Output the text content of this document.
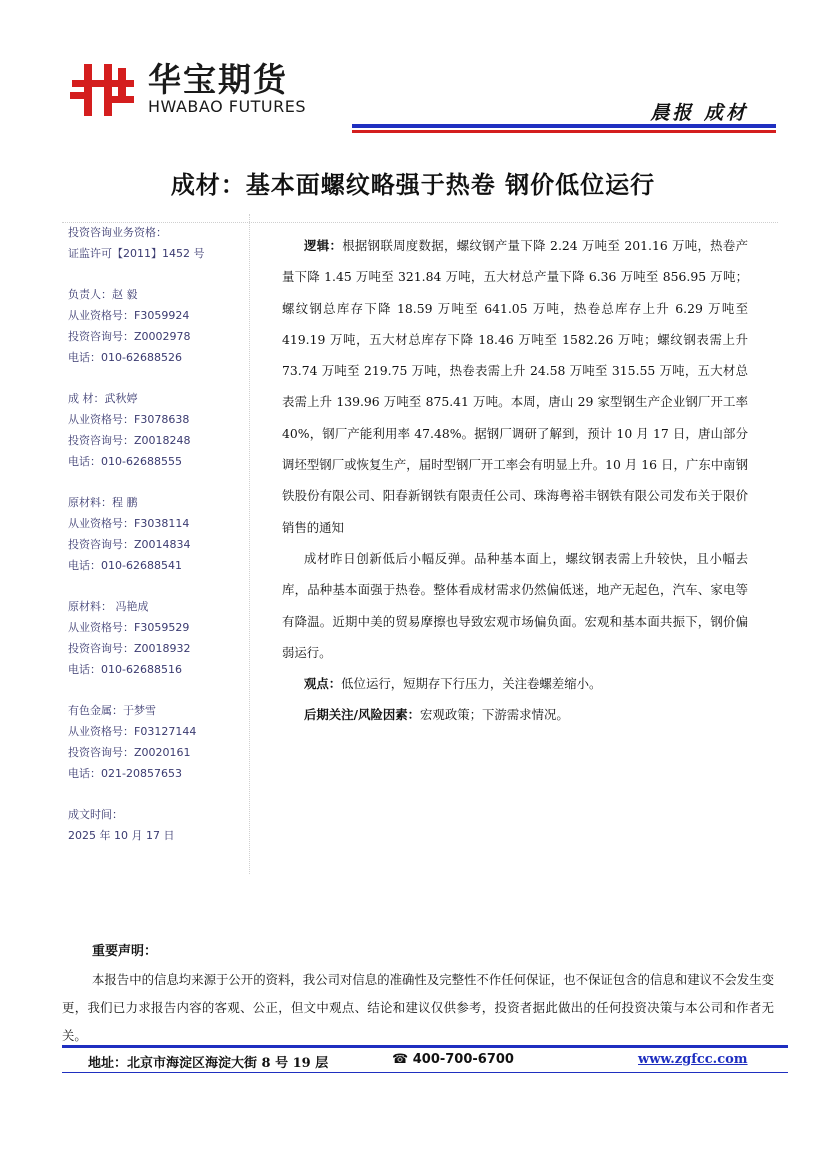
华宝期货
HWABAO FUTURES	晨报 成材
成材：基本面螺纹略强于热卷 钢价低位运行
投资咨询业务资格：
证监许可【2011】1452 号
负责人：赵 毅
从业资格号：F3059924
投资咨询号：Z0002978
电话：010-62688526
成 材：武秋婷
从业资格号：F3078638
投资咨询号：Z0018248
电话：010-62688555
原材料：程 鹏
从业资格号：F3038114
投资咨询号：Z0014834
电话：010-62688541
原材料： 冯艳成
从业资格号：F3059529
投资咨询号：Z0018932
电话：010-62688516
有色金属：于梦雪
从业资格号：F03127144
投资咨询号：Z0020161
电话：021-20857653
成文时间：
2025 年 10 月 17 日

逻辑：根据钢联周度数据，螺纹钢产量下降 2.24 万吨至 201.16 万吨，热卷产量下降 1.45 万吨至 321.84 万吨，五大材总产量下降 6.36 万吨至 856.95 万吨；螺纹钢总库存下降 18.59 万吨至 641.05 万吨，热卷总库存上升 6.29 万吨至 419.19 万吨，五大材总库存下降 18.46 万吨至 1582.26 万吨；螺纹钢表需上升 73.74 万吨至 219.75 万吨，热卷表需上升 24.58 万吨至 315.55 万吨，五大材总表需上升 139.96 万吨至 875.41 万吨。本周，唐山 29 家型钢生产企业钢厂开工率 40%，钢厂产能利用率 47.48%。据钢厂调研了解到，预计 10 月 17 日，唐山部分调坯型钢厂或恢复生产，届时型钢厂开工率会有明显上升。10 月 16 日，广东中南钢铁股份有限公司、阳春新钢铁有限责任公司、珠海粤裕丰钢铁有限公司发布关于限价销售的通知

成材昨日创新低后小幅反弹。品种基本面上，螺纹钢表需上升较快，且小幅去库，品种基本面强于热卷。整体看成材需求仍然偏低迷，地产无起色，汽车、家电等有降温。近期中美的贸易摩擦也导致宏观市场偏负面。宏观和基本面共振下，钢价偏弱运行。

观点：低位运行，短期存下行压力，关注卷螺差缩小。

后期关注/风险因素：宏观政策；下游需求情况。

重要声明：
本报告中的信息均来源于公开的资料，我公司对信息的准确性及完整性不作任何保证，也不保证包含的信息和建议不会发生变更，我们已力求报告内容的客观、公正，但文中观点、结论和建议仅供参考，投资者据此做出的任何投资决策与本公司和作者无关。
地址：北京市海淀区海淀大街 8 号 19 层	☎ 400-700-6700	www.zgfcc.com
